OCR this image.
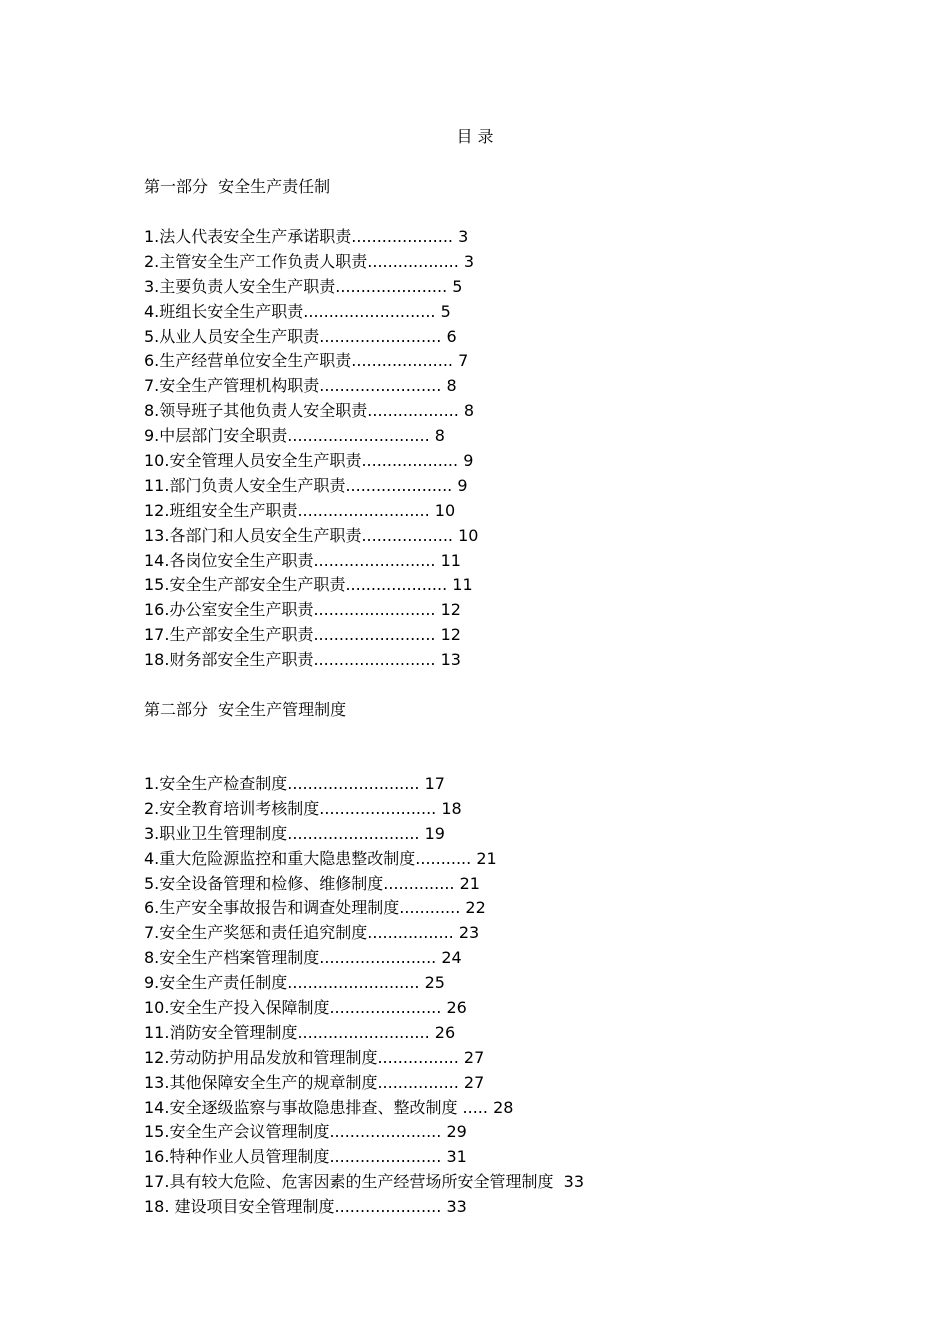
目 录
第一部分  安全生产责任制
1.法人代表安全生产承诺职责.................... 3
2.主管安全生产工作负责人职责.................. 3
3.主要负责人安全生产职责...................... 5
4.班组长安全生产职责.......................... 5
5.从业人员安全生产职责........................ 6
6.生产经营单位安全生产职责.................... 7
7.安全生产管理机构职责........................ 8
8.领导班子其他负责人安全职责.................. 8
9.中层部门安全职责............................ 8
10.安全管理人员安全生产职责................... 9
11.部门负责人安全生产职责..................... 9
12.班组安全生产职责.......................... 10
13.各部门和人员安全生产职责.................. 10
14.各岗位安全生产职责........................ 11
15.安全生产部安全生产职责.................... 11
16.办公室安全生产职责........................ 12
17.生产部安全生产职责........................ 12
18.财务部安全生产职责........................ 13
第二部分  安全生产管理制度
1.安全生产检查制度.......................... 17
2.安全教育培训考核制度....................... 18
3.职业卫生管理制度.......................... 19
4.重大危险源监控和重大隐患整改制度........... 21
5.安全设备管理和检修、维修制度.............. 21
6.生产安全事故报告和调查处理制度............ 22
7.安全生产奖惩和责任追究制度................. 23
8.安全生产档案管理制度....................... 24
9.安全生产责任制度.......................... 25
10.安全生产投入保障制度...................... 26
11.消防安全管理制度.......................... 26
12.劳动防护用品发放和管理制度................ 27
13.其他保障安全生产的规章制度................ 27
14.安全逐级监察与事故隐患排查、整改制度 ..... 28
15.安全生产会议管理制度...................... 29
16.特种作业人员管理制度...................... 31
17.具有较大危险、危害因素的生产经营场所安全管理制度 33
18. 建设项目安全管理制度..................... 33
